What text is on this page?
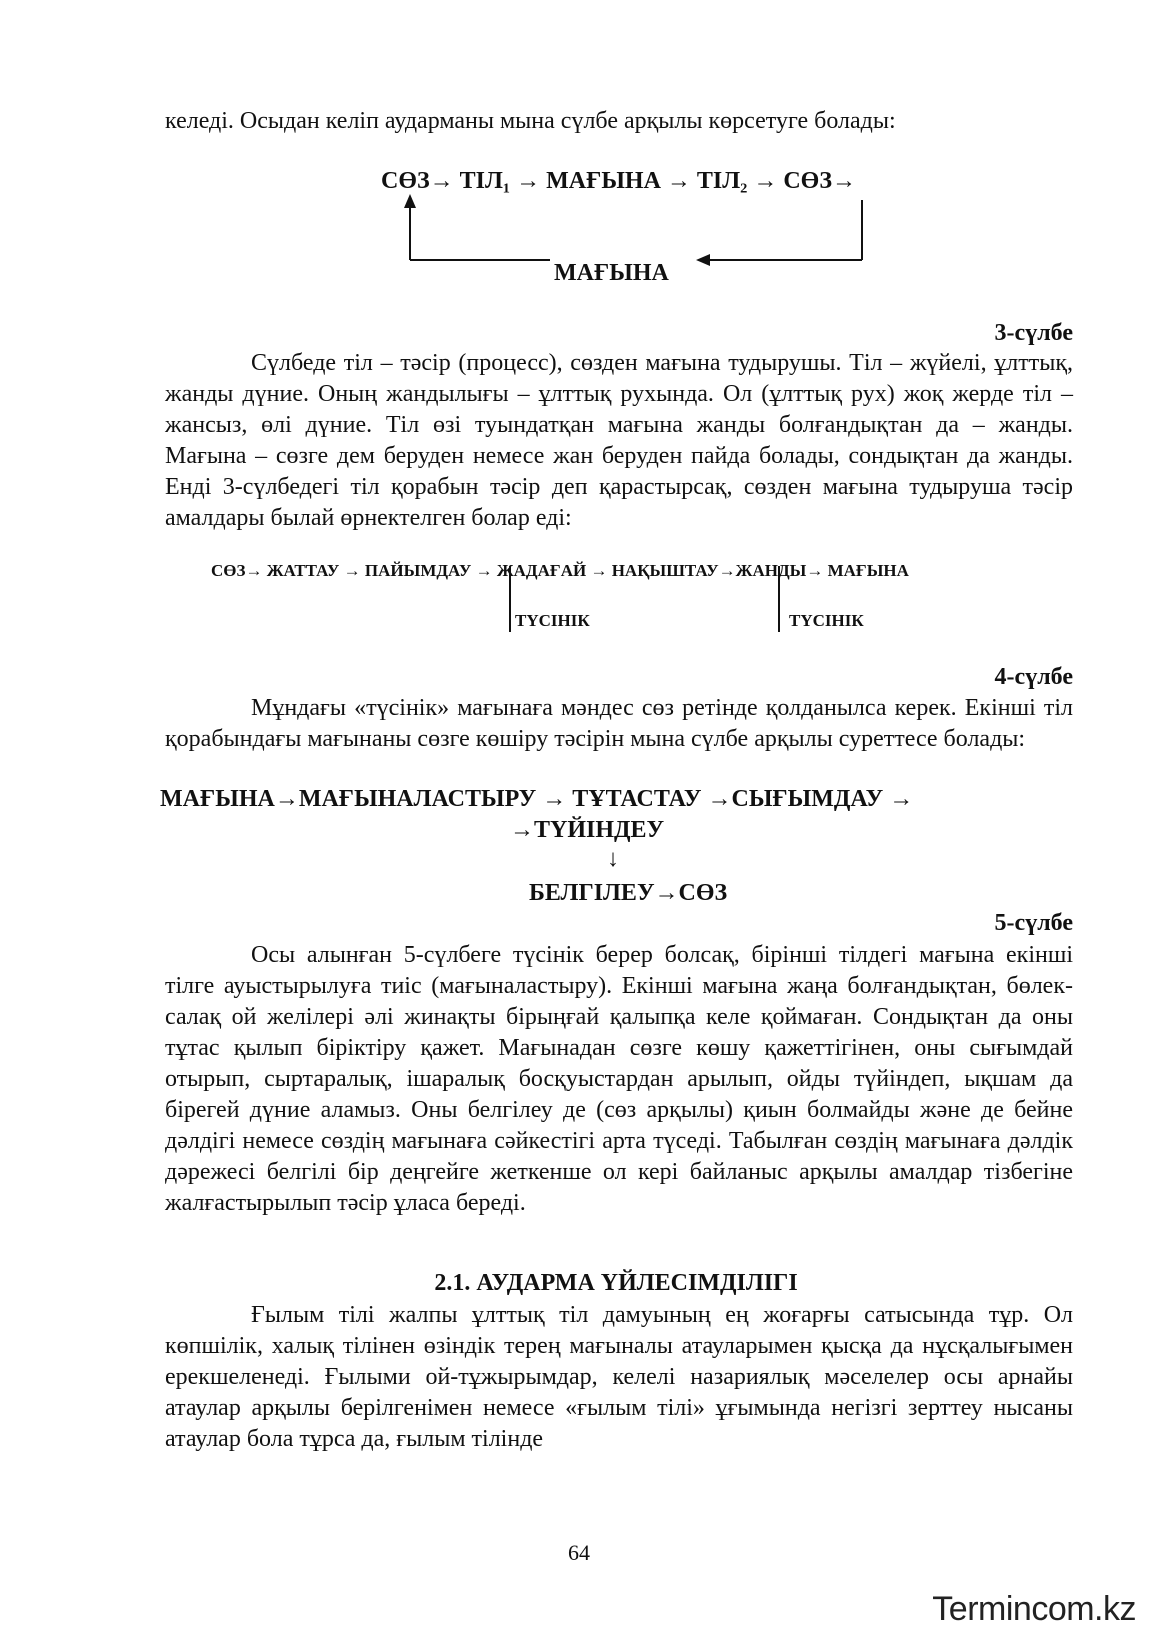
келеді. Осыдан келіп аударманы мына сүлбе арқылы көрсетуге болады:

СӨЗ→ ТІЛ₁ → МАҒЫНА → ТІЛ₂ → СӨЗ→
МАҒЫНА
3-сүлбе

Сүлбеде тіл – тәсір (процесс), сөзден мағына тудырушы. Тіл – жүйелі, ұлттық, жанды дүние. Оның жандылығы – ұлттық рухында. Ол (ұлттық рух) жоқ жерде тіл – жансыз, өлі дүние. Тіл өзі туындатқан мағына жанды болғандықтан да – жанды. Мағына – сөзге дем беруден немесе жан беруден пайда болады, сондықтан да жанды. Енді 3-сүлбедегі тіл қорабын тәсір деп қарастырсақ, сөзден мағына тудыруша тәсір амалдары былай өрнектелген болар еді:

СӨЗ→ ЖАТТАУ → ПАЙЫМДАУ → ЖАДАҒАЙ → НАҚЫШТАУ→ЖАНДЫ→ МАҒЫНА
ТҮСІНІК	ТҮСІНІК
4-сүлбе

Мұндағы «түсінік» мағынаға мәндес сөз ретінде қолданылса керек. Екінші тіл қорабындағы мағынаны сөзге көшіру тәсірін мына сүлбе арқылы суреттесе болады:

МАҒЫНА→МАҒЫНАЛАСТЫРУ → ТҰТАСТАУ →СЫҒЫМДАУ →
→ТҮЙІНДЕУ
↓
БЕЛГІЛЕУ→СӨЗ
5-сүлбе

Осы алынған 5-сүлбеге түсінік берер болсақ, бірінші тілдегі мағына екінші тілге ауыстырылуға тиіс (мағыналастыру). Екінші мағына жаңа болғандықтан, бөлек-салақ ой желілері әлі жинақты бірыңғай қалыпқа келе қоймаған. Сондықтан да оны тұтас қылып біріктіру қажет. Мағынадан сөзге көшу қажеттігінен, оны сығымдай отырып, сыртаралық, ішаралық босқуыстардан арылып, ойды түйіндеп, ықшам да бірегей дүние аламыз. Оны белгілеу де (сөз арқылы) қиын болмайды және де бейне дәлдігі немесе сөздің мағынаға сәйкестігі арта түседі. Табылған сөздің мағынаға дәлдік дәрежесі белгілі бір деңгейге жеткенше ол кері байланыс арқылы амалдар тізбегіне жалғастырылып тәсір ұласа береді.

2.1. АУДАРМА ҮЙЛЕСІМДІЛІГІ

Ғылым тілі жалпы ұлттық тіл дамуының ең жоғарғы сатысында тұр. Ол көпшілік, халық тілінен өзіндік терең мағыналы атауларымен қысқа да нұсқалығымен ерекшеленеді. Ғылыми ой-тұжырымдар, келелі назариялық мәселелер осы арнайы атаулар арқылы берілгенімен немесе «ғылым тілі» ұғымында негізгі зерттеу нысаны атаулар бола тұрса да, ғылым тілінде

64
Termincom.kz
